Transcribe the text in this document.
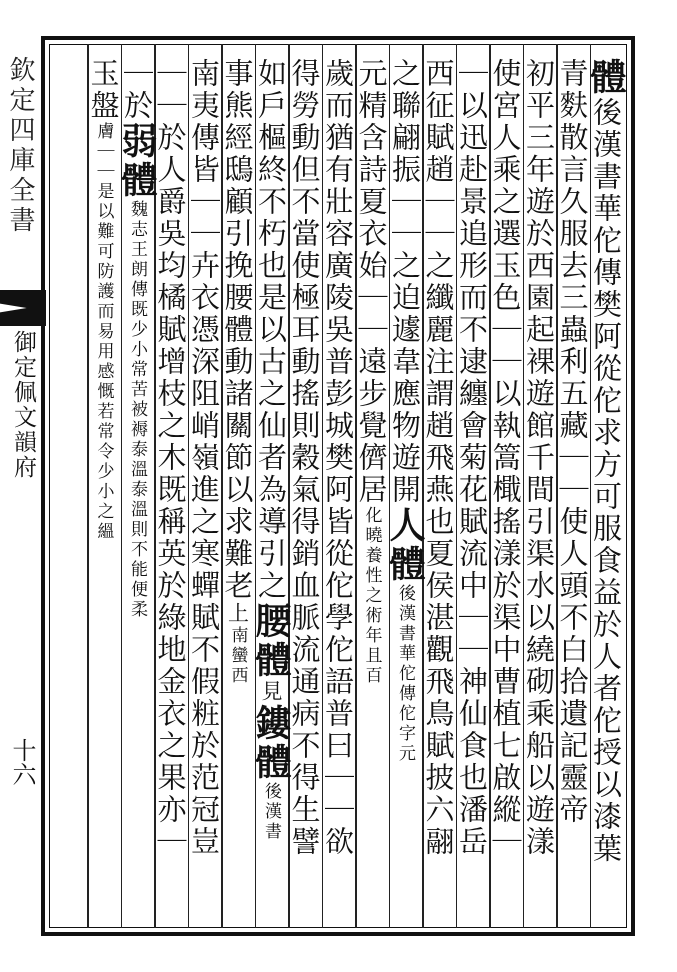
欽定四庫全書
御定佩文韻府
十六
體後漢書華佗傳樊阿從佗求方可服食益於人者佗授以漆葉
青麩散言久服去三蟲利五藏｜｜使人頭不白拾遺記靈帝
初平三年遊於西園起裸遊館千間引渠水以繞砌乘船以遊漾
使宮人乘之選玉色｜｜以執篙檝搖漾於渠中曹植七啟縱｜
｜以迅赴景追形而不逮纏會菊花賦流中｜｜神仙食也潘岳
西征賦趙｜｜之纖麗注謂趙飛燕也夏侯湛觀飛鳥賦披六翮
之聯翩振｜｜之迫遽韋應物遊開人體後漢書華佗傳佗字元
元精含詩夏衣始｜｜遠步覺儕居化曉養性之術年且百
歲而猶有壯容廣陵吳普彭城樊阿皆從佗學佗語普曰｜｜欲
得勞動但不當使極耳動搖則穀氣得銷血脈流通病不得生譬
如戶樞終不朽也是以古之仙者為導引之腰體見鏤體後漢書
事熊經鴟顧引挽腰體動諸關節以求難老上南蠻西
南夷傳皆｜｜卉衣憑深阻峭嶺進之寒蟬賦不假粧於范冠豈
｜｜於人爵吳均橘賦增枝之木既稱英於綠地金衣之果亦｜
｜於弱體魏志王朗傳既少小常苦被褥泰溫泰溫則不能便柔
玉盤膚｜｜是以難可防護而易用感慨若常令少小之縕
